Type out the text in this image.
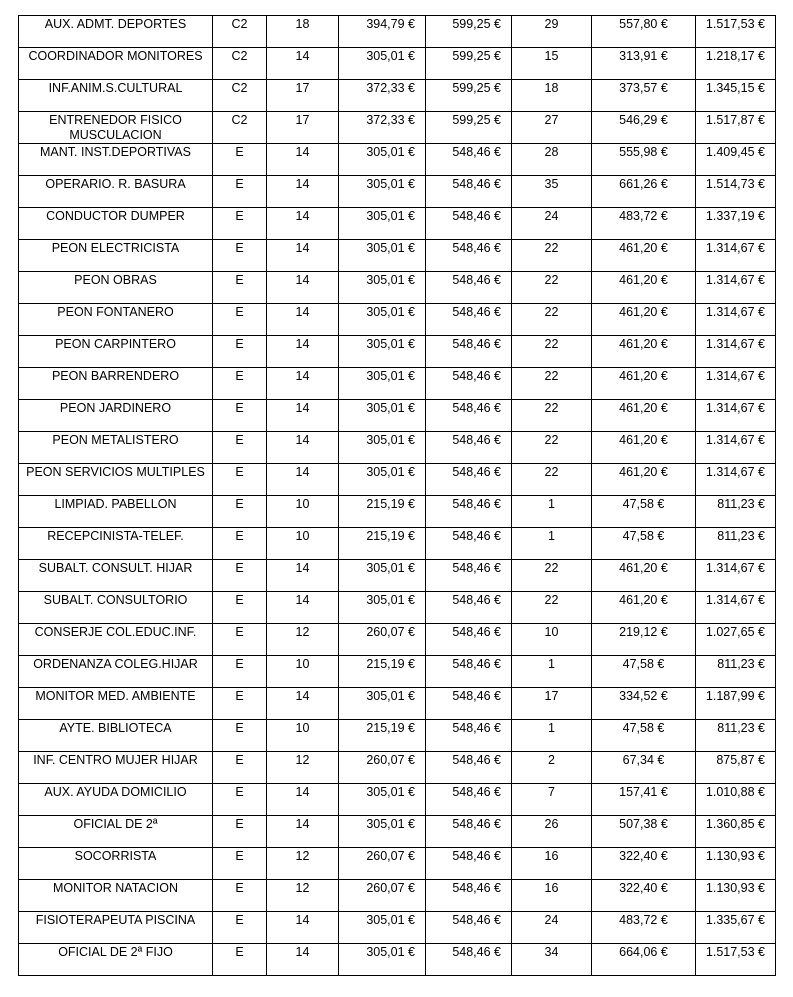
AUX. ADMT. DEPORTES	C2	18	394,79 €	599,25 €	29	557,80 €	1.517,53 €

COORDINADOR MONITORES	C2	14	305,01 €	599,25 €	15	313,91 €	1.218,17 €

INF.ANIM.S.CULTURAL	C2	17	372,33 €	599,25 €	18	373,57 €	1.345,15 €

ENTRENEDOR FISICO MUSCULACION	C2	17	372,33 €	599,25 €	27	546,29 €	1.517,87 €

MANT. INST.DEPORTIVAS	E	14	305,01 €	548,46 €	28	555,98 €	1.409,45 €

OPERARIO. R. BASURA	E	14	305,01 €	548,46 €	35	661,26 €	1.514,73 €

CONDUCTOR DUMPER	E	14	305,01 €	548,46 €	24	483,72 €	1.337,19 €

PEON ELECTRICISTA	E	14	305,01 €	548,46 €	22	461,20 €	1.314,67 €

PEON OBRAS	E	14	305,01 €	548,46 €	22	461,20 €	1.314,67 €

PEON FONTANERO	E	14	305,01 €	548,46 €	22	461,20 €	1.314,67 €

PEON CARPINTERO	E	14	305,01 €	548,46 €	22	461,20 €	1.314,67 €

PEON BARRENDERO	E	14	305,01 €	548,46 €	22	461,20 €	1.314,67 €

PEON JARDINERO	E	14	305,01 €	548,46 €	22	461,20 €	1.314,67 €

PEON METALISTERO	E	14	305,01 €	548,46 €	22	461,20 €	1.314,67 €

PEON SERVICIOS MULTIPLES	E	14	305,01 €	548,46 €	22	461,20 €	1.314,67 €

LIMPIAD. PABELLON	E	10	215,19 €	548,46 €	1	47,58 €	811,23 €

RECEPCINISTA-TELEF.	E	10	215,19 €	548,46 €	1	47,58 €	811,23 €

SUBALT. CONSULT. HIJAR	E	14	305,01 €	548,46 €	22	461,20 €	1.314,67 €

SUBALT. CONSULTORIO	E	14	305,01 €	548,46 €	22	461,20 €	1.314,67 €

CONSERJE COL.EDUC.INF.	E	12	260,07 €	548,46 €	10	219,12 €	1.027,65 €

ORDENANZA COLEG.HIJAR	E	10	215,19 €	548,46 €	1	47,58 €	811,23 €

MONITOR MED. AMBIENTE	E	14	305,01 €	548,46 €	17	334,52 €	1.187,99 €

AYTE. BIBLIOTECA	E	10	215,19 €	548,46 €	1	47,58 €	811,23 €

INF. CENTRO MUJER HIJAR	E	12	260,07 €	548,46 €	2	67,34 €	875,87 €

AUX. AYUDA DOMICILIO	E	14	305,01 €	548,46 €	7	157,41 €	1.010,88 €

OFICIAL DE 2ª	E	14	305,01 €	548,46 €	26	507,38 €	1.360,85 €

SOCORRISTA	E	12	260,07 €	548,46 €	16	322,40 €	1.130,93 €

MONITOR NATACION	E	12	260,07 €	548,46 €	16	322,40 €	1.130,93 €

FISIOTERAPEUTA PISCINA	E	14	305,01 €	548,46 €	24	483,72 €	1.335,67 €

OFICIAL DE 2ª FIJO	E	14	305,01 €	548,46 €	34	664,06 €	1.517,53 €
